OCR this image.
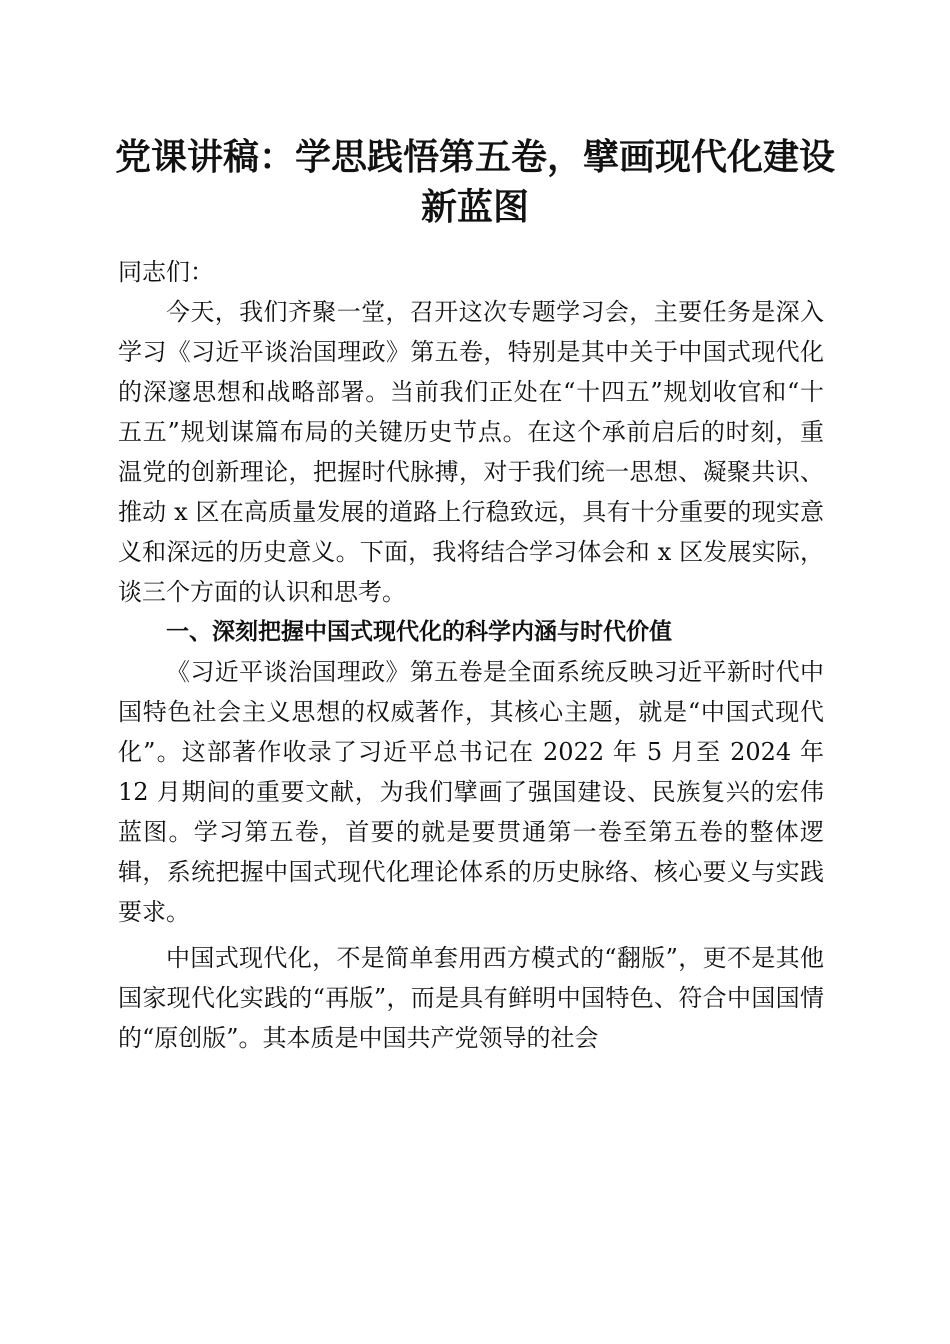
党课讲稿：学思践悟第五卷，擘画现代化建设
新蓝图

同志们：

今天，我们齐聚一堂，召开这次专题学习会，主要任务是深入学习《习近平谈治国理政》第五卷，特别是其中关于中国式现代化的深邃思想和战略部署。当前我们正处在“十四五”规划收官和“十五五”规划谋篇布局的关键历史节点。在这个承前启后的时刻，重温党的创新理论，把握时代脉搏，对于我们统一思想、凝聚共识、推动 x 区在高质量发展的道路上行稳致远，具有十分重要的现实意义和深远的历史意义。下面，我将结合学习体会和 x 区发展实际，谈三个方面的认识和思考。

一、深刻把握中国式现代化的科学内涵与时代价值

《习近平谈治国理政》第五卷是全面系统反映习近平新时代中国特色社会主义思想的权威著作，其核心主题，就是“中国式现代化”。这部著作收录了习近平总书记在 2022 年 5 月至 2024 年 12 月期间的重要文献，为我们擘画了强国建设、民族复兴的宏伟蓝图。学习第五卷，首要的就是要贯通第一卷至第五卷的整体逻辑，系统把握中国式现代化理论体系的历史脉络、核心要义与实践要求。

中国式现代化，不是简单套用西方模式的“翻版”，更不是其他国家现代化实践的“再版”，而是具有鲜明中国特色、符合中国国情的“原创版”。其本质是中国共产党领导的社会
